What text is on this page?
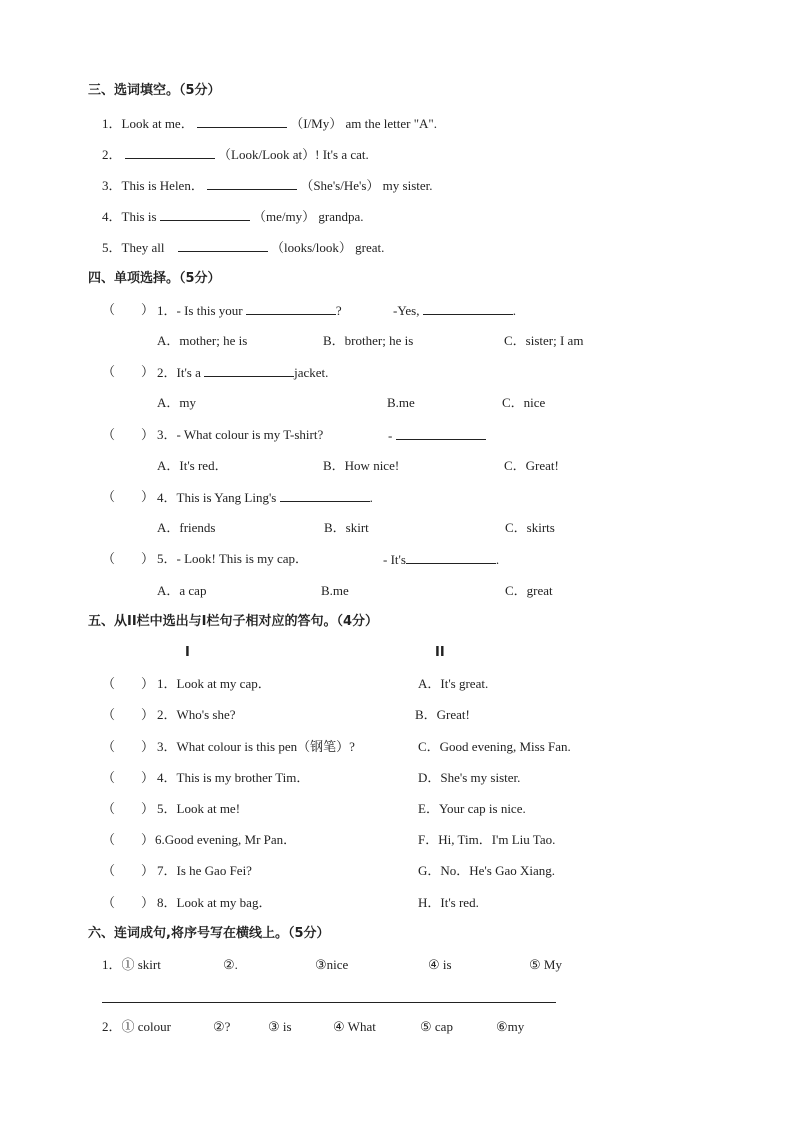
三、选词填空。（5分）
1．Look at me．	（I/My） am the letter "A".
2．	（Look/Look at）! It's a cat.
3．This is Helen．	（She's/He's） my sister.
4．This is	（me/my） grandpa.
5．They all	（looks/look） great.
四、单项选择。（5分）
（　　） 1．- Is this your	?	-Yes,	.
A．mother; he is	B．brother; he is	C．sister; I am
（　　） 2．It's a	jacket.
A．my	B.me	C．nice
（　　） 3．- What colour is my T-shirt?	-
A．It's red．	B．How nice!	C．Great!
（　　） 4．This is Yang Ling's	.
A．friends	B．skirt	C．skirts
（　　） 5．- Look! This is my cap．	- It's	.
A．a cap	B.me	C．great
五、从II栏中选出与I栏句子相对应的答句。（4分）
I	II
（　　） 1．Look at my cap．	A．It's great.
（　　） 2．Who's she?	B．Great!
（　　） 3．What colour is this pen（钢笔）?	C．Good evening, Miss Fan.
（　　） 4．This is my brother Tim．	D．She's my sister.
（　　） 5．Look at me!	E．Your cap is nice.
（　　） 6.Good evening, Mr Pan．	F．Hi, Tim．I'm Liu Tao.
（　　） 7．Is he Gao Fei?	G．No．He's Gao Xiang.
（　　） 8．Look at my bag．	H．It's red.
六、连词成句,将序号写在横线上。（5分）
1．① skirt	②.	③nice	④ is	⑤ My
2．① colour	②?	③ is	④ What	⑤ cap	⑥my
